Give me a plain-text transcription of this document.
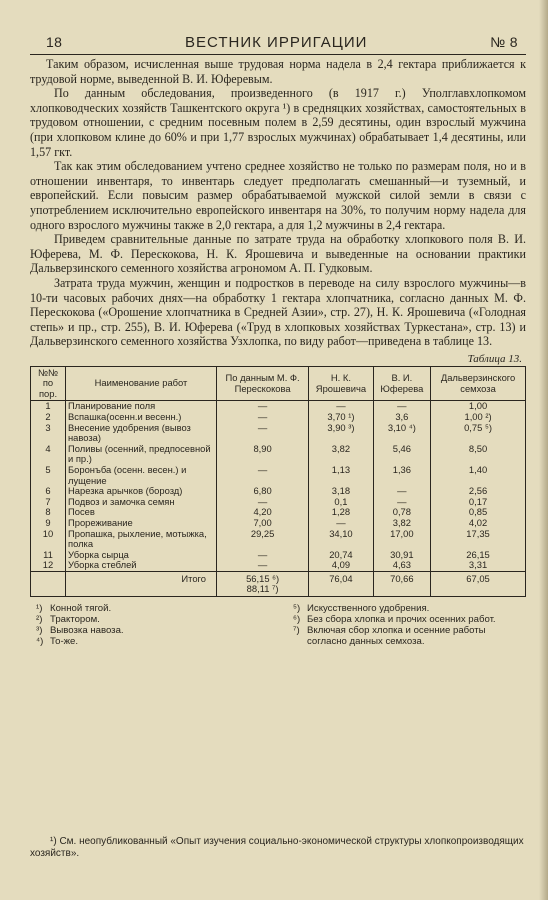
18	ВЕСТНИК ИРРИГАЦИИ	№ 8

Таким образом, исчисленная выше трудовая норма надела в 2,4 гектара приближается к трудовой норме, выведенной В. И. Юферевым.

По данным обследования, произведенного (в 1917 г.) Уполглавхлопкомом хлопководческих хозяйств Ташкентского округа ¹) в средняцких хозяйствах, самостоятельных в трудовом отношении, с средним посевным полем в 2,59 десятины, один взрослый мужчина (при хлопковом клине до 60% и при 1,77 взрослых мужчинах) обрабатывает 1,4 десятины, или 1,57 гкт.

Так как этим обследованием учтено среднее хозяйство не только по размерам поля, но и в отношении инвентаря, то инвентарь следует предполагать смешанный—и туземный, и европейский. Если повысим размер обрабатываемой мужской силой земли в связи с употреблением исключительно европейского инвентаря на 30%, то получим норму надела для одного взрослого мужчины также в 2,0 гектара, а для 1,2 мужчины в 2,4 гектара.

Приведем сравнительные данные по затрате труда на обработку хлопкового поля В. И. Юферева, М. Ф. Перескокова, Н. К. Ярошевича и выведенные на основании практики Дальверзинского семенного хозяйства агрономом А. П. Гудковым.

Затрата труда мужчин, женщин и подростков в переводе на силу взрослого мужчины—в 10-ти часовых рабочих днях—на обработку 1 гектара хлопчатника, согласно данных М. Ф. Перескокова («Орошение хлопчатника в Средней Азии», стр. 27), Н. К. Ярошевича («Голодная степь» и пр., стр. 255), В. И. Юферева («Труд в хлопковых хозяйствах Туркестана», стр. 13) и Дальверзинского семенного хозяйства Узхлопка, по виду работ—приведена в таблице 13.

Таблица 13.
№№ по пор.	Наименование работ	По данным М. Ф. Перескокова	Н. К. Ярошевича	В. И. Юферева	Дальверзинского семхоза
1	Планирование поля	—	—	—	1,00
2	Вспашка(осенн.и весенн.)	—	3,70 ¹)	3,6	1,00 ²)
3	Внесение удобрения (вывоз навоза)	—	3,90 ³)	3,10 ⁴)	0,75 ⁵)
4	Поливы (осенний, предпосевной и пр.)	8,90	3,82	5,46	8,50
5	Боронъба (осенн. весен.) и лущение	—	1,13	1,36	1,40
6	Нарезка арычков (борозд)	6,80	3,18	—	2,56
7	Подвоз и замочка семян	—	0,1	—	0,17
8	Посев	4,20	1,28	0,78	0,85
9	Прореживание	7,00	—	3,82	4,02
10	Пропашка, рыхление, мотыжка, полка	29,25	34,10	17,00	17,35
11	Уборка сырца	—	20,74	30,91	26,15
12	Уборка стеблей	—	4,09	4,63	3,31
	Итого	56,15 ⁶)
88,11 ⁷)	76,04	70,66	67,05
¹) Конной тягой.
²) Трактором.
³) Вывозка навоза.
⁴) То-же.
⁵) Искусственного удобрения.
⁶) Без сбора хлопка и прочих осенних работ.
⁷) Включая сбор хлопка и осенние работы согласно данных семхоза.
¹) См. неопубликованный «Опыт изучения социально-экономической структуры хлопкопроизводящих хозяйств».
